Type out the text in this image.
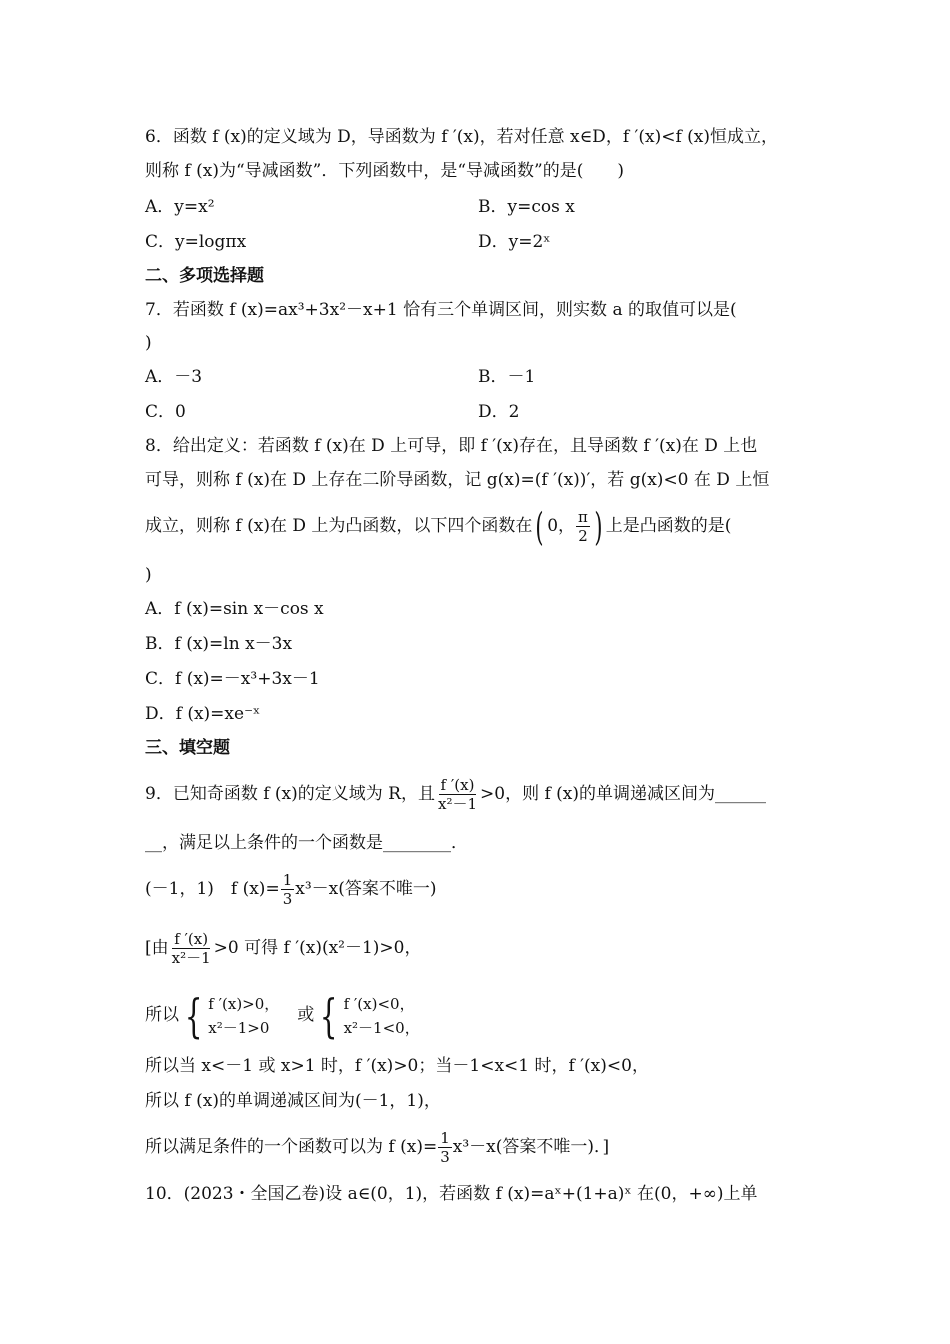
6．函数 f (x)的定义域为 D，导函数为 f ′(x)，若对任意 x∈D，f ′(x)<f (x)恒成立，
则称 f (x)为“导减函数”．下列函数中，是“导减函数”的是(　　)
A．y=x²	B．y=cos x
C．y=logπx	D．y=2ˣ
二、多项选择题
7．若函数 f (x)=ax³+3x²－x+1 恰有三个单调区间，则实数 a 的取值可以是(
)
A．－3	B．－1
C．0	D．2
8．给出定义：若函数 f (x)在 D 上可导，即 f ′(x)存在，且导函数 f ′(x)在 D 上也
可导，则称 f (x)在 D 上存在二阶导函数，记 g(x)=(f ′(x))′，若 g(x)<0 在 D 上恒
成立，则称 f (x)在 D 上为凸函数，以下四个函数在( 0， $\frac{\pi}{2}$ ) 上是凸函数的是(
)
A．f (x)=sin x－cos x
B．f (x)=ln x－3x
C．f (x)=－x³+3x－1
D．f (x)=xe⁻ˣ
三、填空题
9．已知奇函数 f (x)的定义域为 R，且 $\frac{f '(x)}{\text{x²－1}} >0$，则 f (x)的单调递减区间为______
__，满足以上条件的一个函数是________．
(－1，1)　f $(x)= \frac{1}{3} x^3-x$(答案不唯一)
[由 $\frac{f '(x)}{\text{x²－1}} >0$ 可得 f ′(x)(x²－1)>0，
所以 { f ′(x)>0，
x²－1>0
或 { f ′(x)<0，
x²－1<0，
所以当 x<－1 或 x>1 时，f ′(x)>0；当－1<x<1 时，f ′(x)<0，
所以 f (x)的单调递减区间为(－1，1)，
所以满足条件的一个函数可以为 f $(x)= \frac{1}{3} x^3-x$(答案不唯一)．]
10．(2023・全国乙卷)设 a∈(0，1)，若函数 f (x)=aˣ+(1+a)ˣ 在(0，+∞)上单
